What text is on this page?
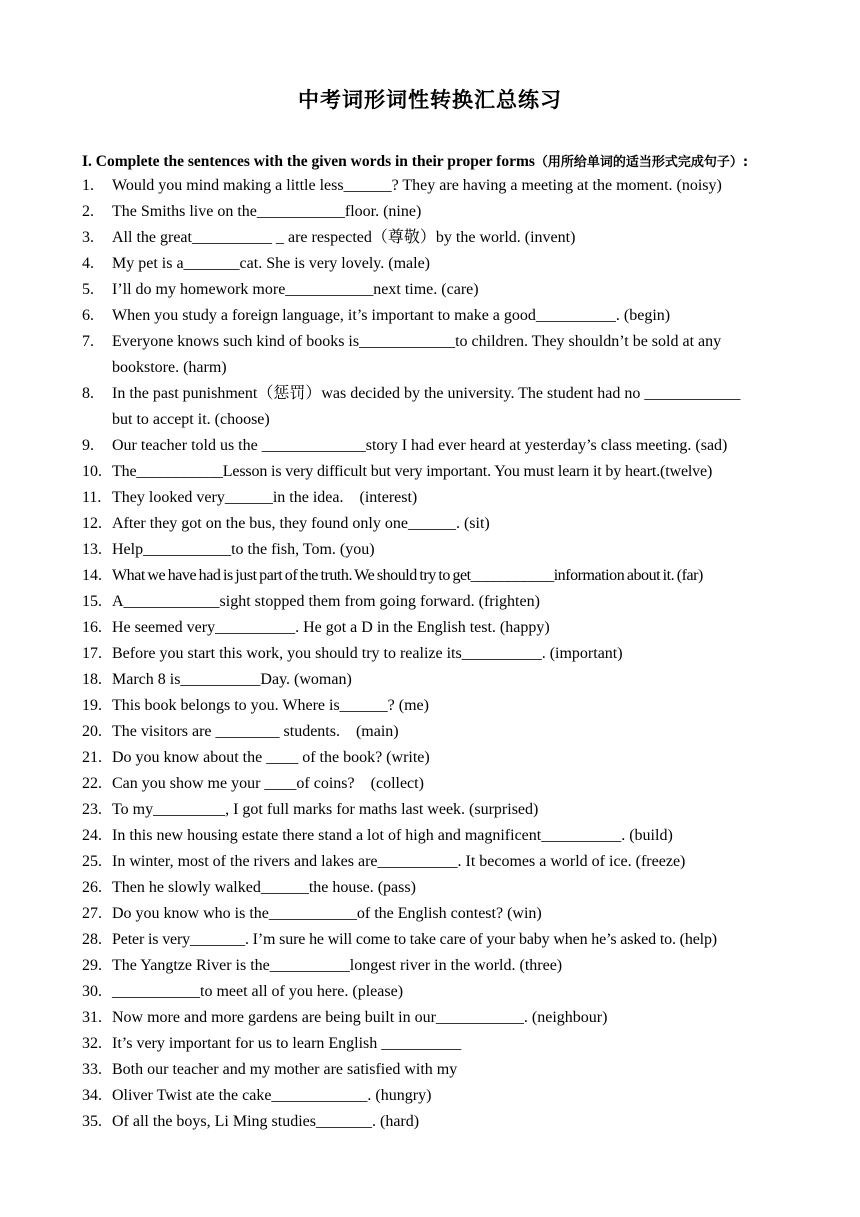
中考词形词性转换汇总练习
I. Complete the sentences with the given words in their proper forms（用所给单词的适当形式完成句子）:
1.	Would you mind making a little less______? They are having a meeting at the moment. (noisy)
2.	The Smiths live on the___________floor. (nine)
3.	All the great__________ _ are respected（尊敬）by the world. (invent)
4.	My pet is a_______cat. She is very lovely. (male)
5.	I’ll do my homework more___________next time. (care)
6.	When you study a foreign language, it’s important to make a good__________. (begin)
7.	Everyone knows such kind of books is____________to children. They shouldn’t be sold at any
bookstore. (harm)
8.	In the past punishment（惩罚）was decided by the university. The student had no ____________
but to accept it. (choose)
9.	Our teacher told us the _____________story I had ever heard at yesterday’s class meeting. (sad)
10. The___________Lesson is very difficult but very important. You must learn it by heart.(twelve)
11. They looked very______in the idea.    (interest)
12. After they got on the bus, they found only one______. (sit)
13. Help___________to the fish, Tom. (you)
14. What we have had is just part of the truth. We should try to get___________information about it. (far)
15. A____________sight stopped them from going forward. (frighten)
16. He seemed very__________. He got a D in the English test. (happy)
17. Before you start this work, you should try to realize its__________. (important)
18. March 8 is__________Day. (woman)
19. This book belongs to you. Where is______? (me)
20. The visitors are ________ students.    (main)
21. Do you know about the ____ of the book? (write)
22. Can you show me your ____of coins?    (collect)
23. To my_________, I got full marks for maths last week. (surprised)
24. In this new housing estate there stand a lot of high and magnificent__________. (build)
25. In winter, most of the rivers and lakes are__________. It becomes a world of ice. (freeze)
26. Then he slowly walked______the house. (pass)
27. Do you know who is the___________of the English contest? (win)
28. Peter is very_______. I’m sure he will come to take care of your baby when he’s asked to. (help)
29. The Yangtze River is the__________longest river in the world. (three)
30. ___________to meet all of you here. (please)
31. Now more and more gardens are being built in our___________. (neighbour)
32. It’s very important for us to learn English __________
33. Both our teacher and my mother are satisfied with my
34. Oliver Twist ate the cake____________. (hungry)
35. Of all the boys, Li Ming studies_______. (hard)
